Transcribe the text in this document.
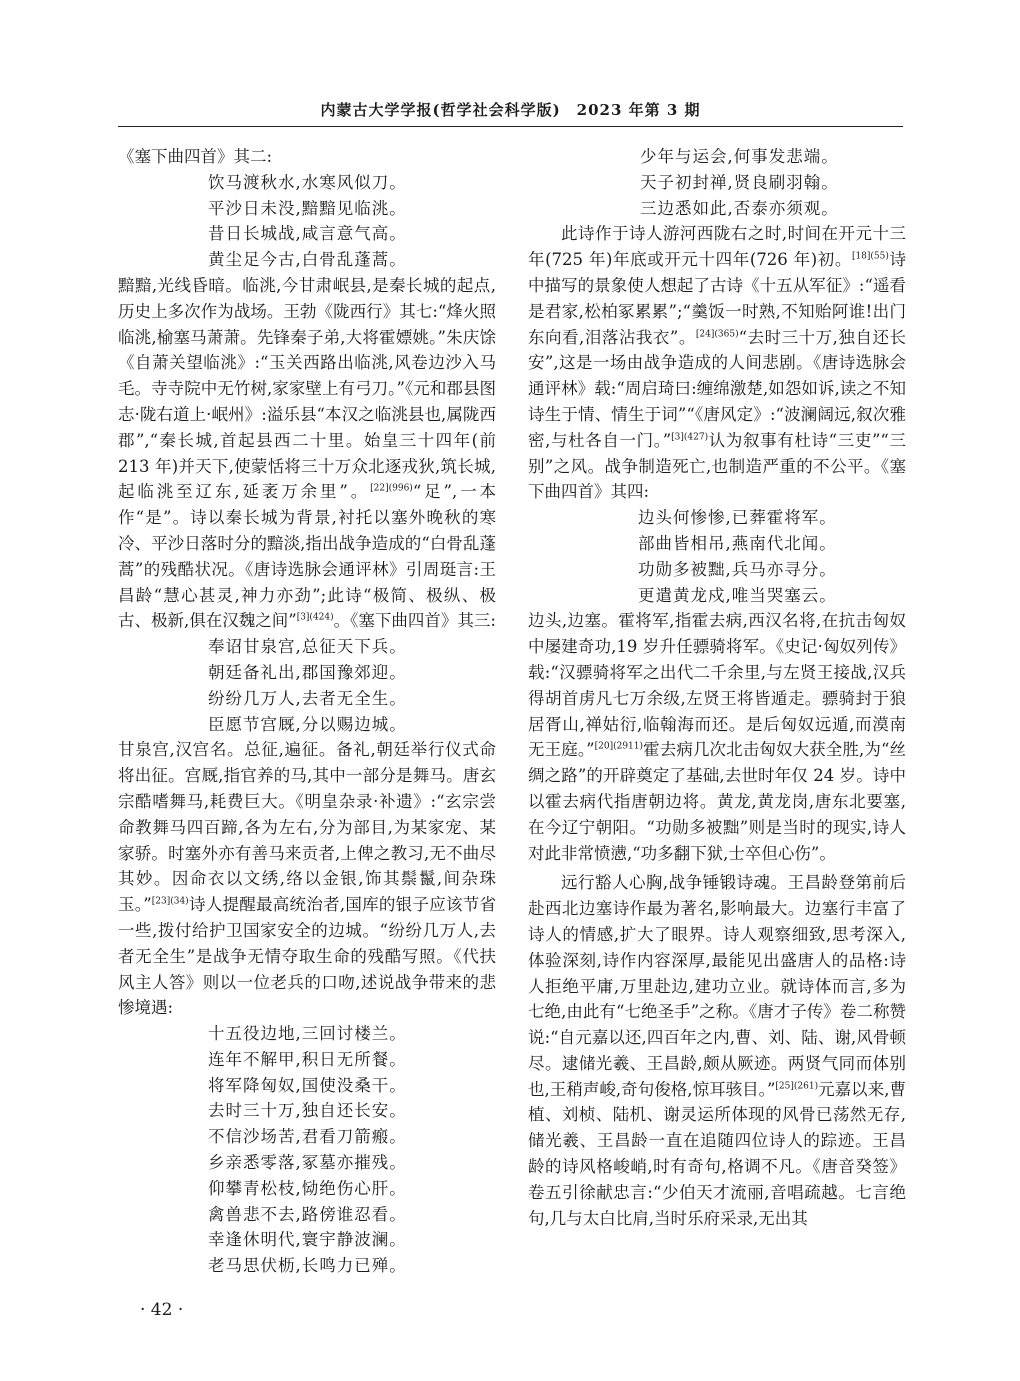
内蒙古大学学报(哲学社会科学版)　2023 年第 3 期

《塞下曲四首》其二:

饮马渡秋水,水寒风似刀。
平沙日未没,黯黯见临洮。
昔日长城战,咸言意气高。
黄尘足今古,白骨乱蓬蒿。

黯黯,光线昏暗。临洮,今甘肃岷县,是秦长城的起点,历史上多次作为战场。王勃《陇西行》其七:“烽火照临洮,榆塞马萧萧。先锋秦子弟,大将霍嫖姚。”朱庆馀《自萧关望临洮》:“玉关西路出临洮,风卷边沙入马毛。寺寺院中无竹树,家家壁上有弓刀。”《元和郡县图志·陇右道上·岷州》:溢乐县“本汉之临洮县也,属陇西郡”,“秦长城,首起县西二十里。始皇三十四年(前 213 年)并天下,使蒙恬将三十万众北逐戎狄,筑长城,起临洮至辽东,延袤万余里”。$^{[22](996)}$“足”,一本作“是”。诗以秦长城为背景,衬托以塞外晚秋的寒冷、平沙日落时分的黯淡,指出战争造成的“白骨乱蓬蒿”的残酷状况。《唐诗选脉会通评林》引周珽言:王昌龄“慧心甚灵,神力亦劲”;此诗“极简、极纵、极古、极新,俱在汉魏之间”$^{[3](424)}$。《塞下曲四首》其三:

奉诏甘泉宫,总征天下兵。
朝廷备礼出,郡国豫郊迎。
纷纷几万人,去者无全生。
臣愿节宫厩,分以赐边城。

甘泉宫,汉宫名。总征,遍征。备礼,朝廷举行仪式命将出征。宫厩,指官养的马,其中一部分是舞马。唐玄宗酷嗜舞马,耗费巨大。《明皇杂录·补遗》:“玄宗尝命教舞马四百蹄,各为左右,分为部目,为某家宠、某家骄。时塞外亦有善马来贡者,上俾之教习,无不曲尽其妙。因命衣以文绣,络以金银,饰其鬃鬣,间杂珠玉。”$^{[23](34)}$诗人提醒最高统治者,国库的银子应该节省一些,拨付给护卫国家安全的边城。“纷纷几万人,去者无全生”是战争无情夺取生命的残酷写照。《代扶风主人答》则以一位老兵的口吻,述说战争带来的悲惨境遇:

十五役边地,三回讨楼兰。
连年不解甲,积日无所餐。
将军降匈奴,国使没桑干。
去时三十万,独自还长安。
不信沙场苦,君看刀箭瘢。
乡亲悉零落,冢墓亦摧残。
仰攀青松枝,恸绝伤心肝。
禽兽悲不去,路傍谁忍看。
幸逢休明代,寰宇静波澜。
老马思伏枥,长鸣力已殚。
少年与运会,何事发悲端。
天子初封禅,贤良刷羽翰。
三边悉如此,否泰亦须观。

此诗作于诗人游河西陇右之时,时间在开元十三年(725 年)年底或开元十四年(726 年)初。$^{[18](55)}$诗中描写的景象使人想起了古诗《十五从军征》:“遥看是君家,松柏冢累累”;“羹饭一时熟,不知贻阿谁!出门东向看,泪落沾我衣”。$^{[24](365)}$“去时三十万,独自还长安”,这是一场由战争造成的人间悲剧。《唐诗选脉会通评林》载:“周启琦曰:缠绵激楚,如怨如诉,读之不知诗生于情、情生于词”“《唐风定》:“波澜阔远,叙次雅密,与杜各自一门。”$^{[3](427)}$认为叙事有杜诗“三吏”“三别”之风。战争制造死亡,也制造严重的不公平。《塞下曲四首》其四:

边头何惨惨,已葬霍将军。
部曲皆相吊,燕南代北闻。
功勋多被黜,兵马亦寻分。
更遣黄龙戍,唯当哭塞云。

边头,边塞。霍将军,指霍去病,西汉名将,在抗击匈奴中屡建奇功,19 岁升任骠骑将军。《史记·匈奴列传》载:“汉骠骑将军之出代二千余里,与左贤王接战,汉兵得胡首虏凡七万余级,左贤王将皆遁走。骠骑封于狼居胥山,禅姑衍,临翰海而还。是后匈奴远遁,而漠南无王庭。”$^{[20](2911)}$霍去病几次北击匈奴大获全胜,为“丝绸之路”的开辟奠定了基础,去世时年仅 24 岁。诗中以霍去病代指唐朝边将。黄龙,黄龙岗,唐东北要塞,在今辽宁朝阳。“功勋多被黜”则是当时的现实,诗人对此非常愤懑,“功多翻下狱,士卒但心伤”。

远行豁人心胸,战争锤锻诗魂。王昌龄登第前后赴西北边塞诗作最为著名,影响最大。边塞行丰富了诗人的情感,扩大了眼界。诗人观察细致,思考深入,体验深刻,诗作内容深厚,最能见出盛唐人的品格:诗人拒绝平庸,万里赴边,建功立业。就诗体而言,多为七绝,由此有“七绝圣手”之称。《唐才子传》卷二称赞说:“自元嘉以还,四百年之内,曹、刘、陆、谢,风骨顿尽。逮储光羲、王昌龄,颇从厥迹。两贤气同而体别也,王稍声峻,奇句俊格,惊耳骇目。”$^{[25](261)}$元嘉以来,曹植、刘桢、陆机、谢灵运所体现的风骨已荡然无存,储光羲、王昌龄一直在追随四位诗人的踪迹。王昌龄的诗风格峻峭,时有奇句,格调不凡。《唐音癸签》卷五引徐献忠言:“少伯天才流丽,音唱疏越。七言绝句,几与太白比肩,当时乐府采录,无出其

· 42 ·
